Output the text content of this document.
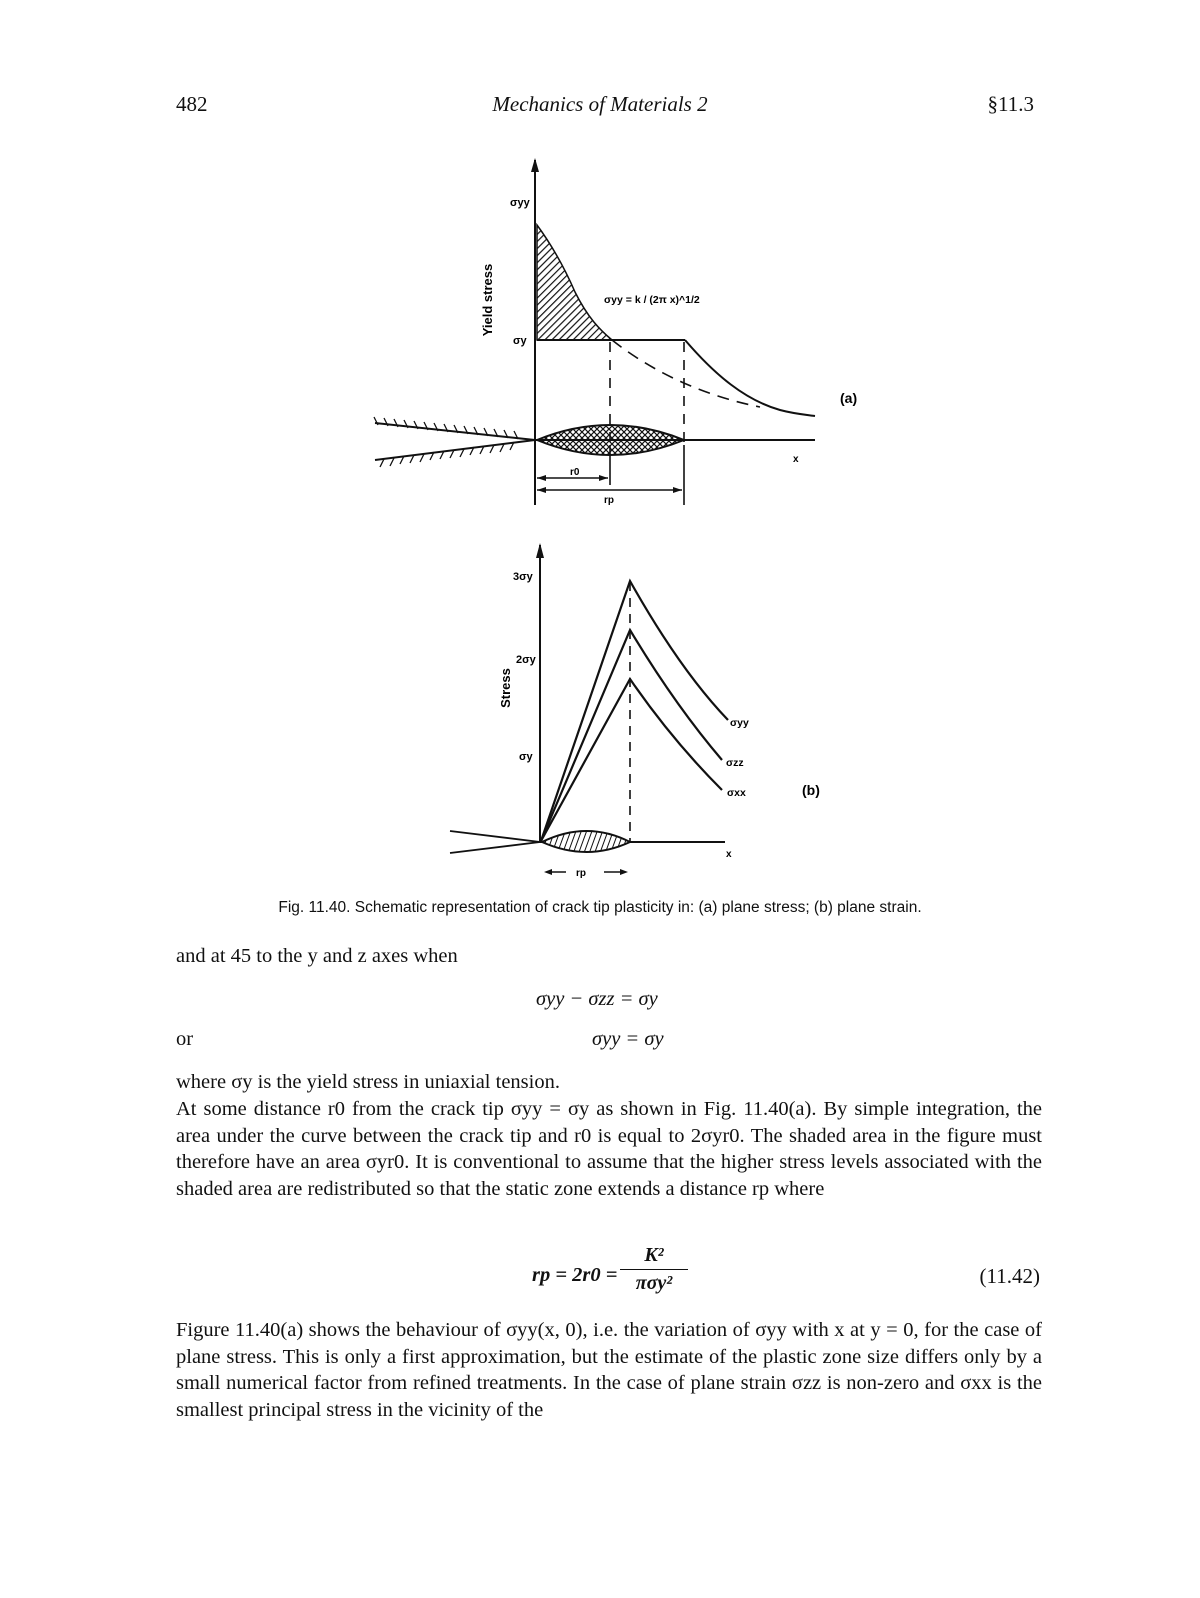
482	Mechanics of Materials 2	§11.3
Yield stress
σyy
σy
x
σyy = k / (2π x)^1/2
r0
rp
(a)
Stress
3σy
2σy
σy
x
σyy
σzz
σxx
rp
(b)
Fig. 11.40. Schematic representation of crack tip plasticity in: (a) plane stress; (b) plane strain.
and at 45 to the y and z axes when
σyy − σzz = σy
or	σyy = σy
where σy is the yield stress in uniaxial tension.
At some distance r0 from the crack tip σyy = σy as shown in Fig. 11.40(a). By simple integration, the area under the curve between the crack tip and r0 is equal to 2σyr0. The shaded area in the figure must therefore have an area σyr0. It is conventional to assume that the higher stress levels associated with the shaded area are redistributed so that the static zone extends a distance rp where
rp = 2r0 =
K²
πσy²	(11.42)
Figure 11.40(a) shows the behaviour of σyy(x, 0), i.e. the variation of σyy with x at y = 0, for the case of plane stress. This is only a first approximation, but the estimate of the plastic zone size differs only by a small numerical factor from refined treatments. In the case of plane strain σzz is non-zero and σxx is the smallest principal stress in the vicinity of the
